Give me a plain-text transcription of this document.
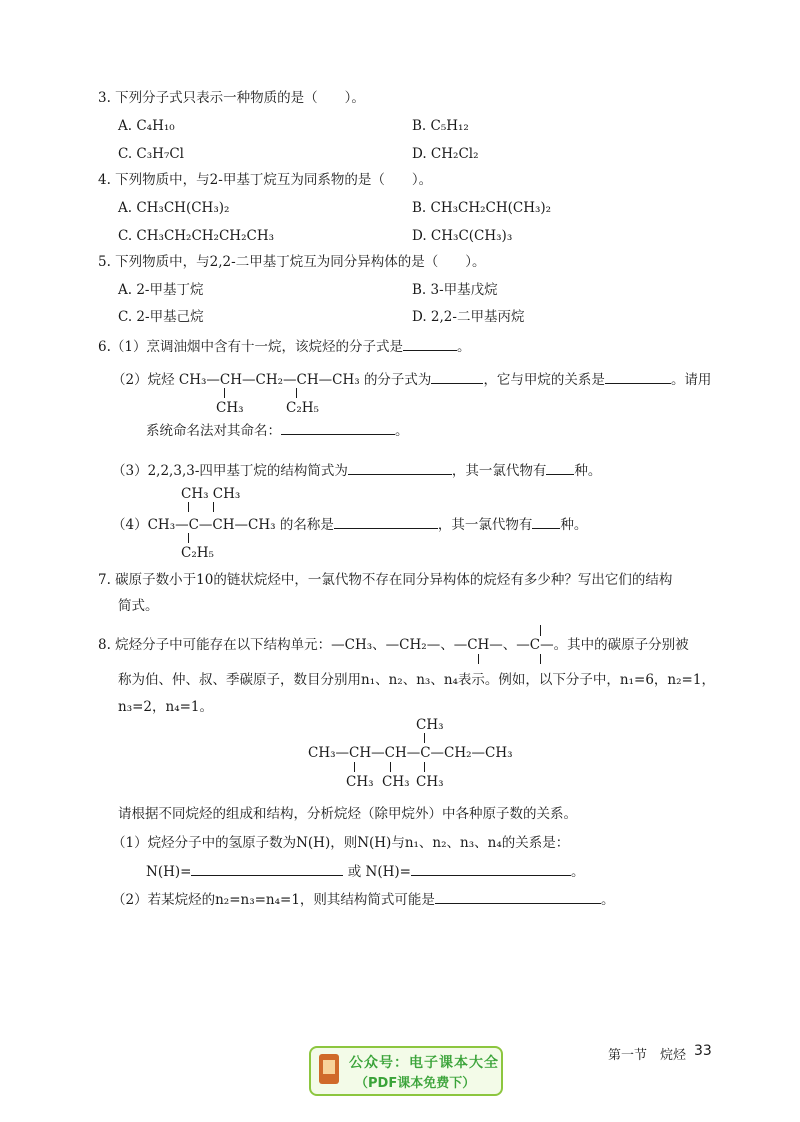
3. 下列分子式只表示一种物质的是（　　）。
A. C₄H₁₀	B. C₅H₁₂
C. C₃H₇Cl	D. CH₂Cl₂
4. 下列物质中，与2-甲基丁烷互为同系物的是（　　）。
A. CH₃CH(CH₃)₂	B. CH₃CH₂CH(CH₃)₂
C. CH₃CH₂CH₂CH₂CH₃	D. CH₃C(CH₃)₃
5. 下列物质中，与2,2-二甲基丁烷互为同分异构体的是（　　）。
A. 2-甲基丁烷	B. 3-甲基戊烷
C. 2-甲基己烷	D. 2,2-二甲基丙烷
6.（1）烹调油烟中含有十一烷，该烷烃的分子式是	。
（2）烷烃 CH₃—CH—CH₂—CH—CH₃ 的分子式为	，它与甲烷的关系是	。请用
CH₃	C₂H₅
系统命名法对其命名：	。
（3）2,2,3,3-四甲基丁烷的结构简式为	，其一氯代物有 种。
CH₃ CH₃
（4）CH₃—C—CH—CH₃ 的名称是	，其一氯代物有 种。
C₂H₅
7. 碳原子数小于10的链状烷烃中，一氯代物不存在同分异构体的烷烃有多少种？写出它们的结构
简式。
8. 烷烃分子中可能存在以下结构单元：—CH₃、—CH₂—、—CH—、—C—。其中的碳原子分别被
称为伯、仲、叔、季碳原子，数目分别用n₁、n₂、n₃、n₄表示。例如，以下分子中，n₁=6，n₂=1，
n₃=2，n₄=1。
CH₃
CH₃—CH—CH—C—CH₂—CH₃
CH₃ CH₃ CH₃
请根据不同烷烃的组成和结构，分析烷烃（除甲烷外）中各种原子数的关系。
（1）烷烃分子中的氢原子数为N(H)，则N(H)与n₁、n₂、n₃、n₄的关系是：
N(H)=	或 N(H)=	。
（2）若某烷烃的n₂=n₃=n₄=1，则其结构简式可能是	。
第一节　烷烃 33
公众号：电子课本大全
（PDF课本免费下）
